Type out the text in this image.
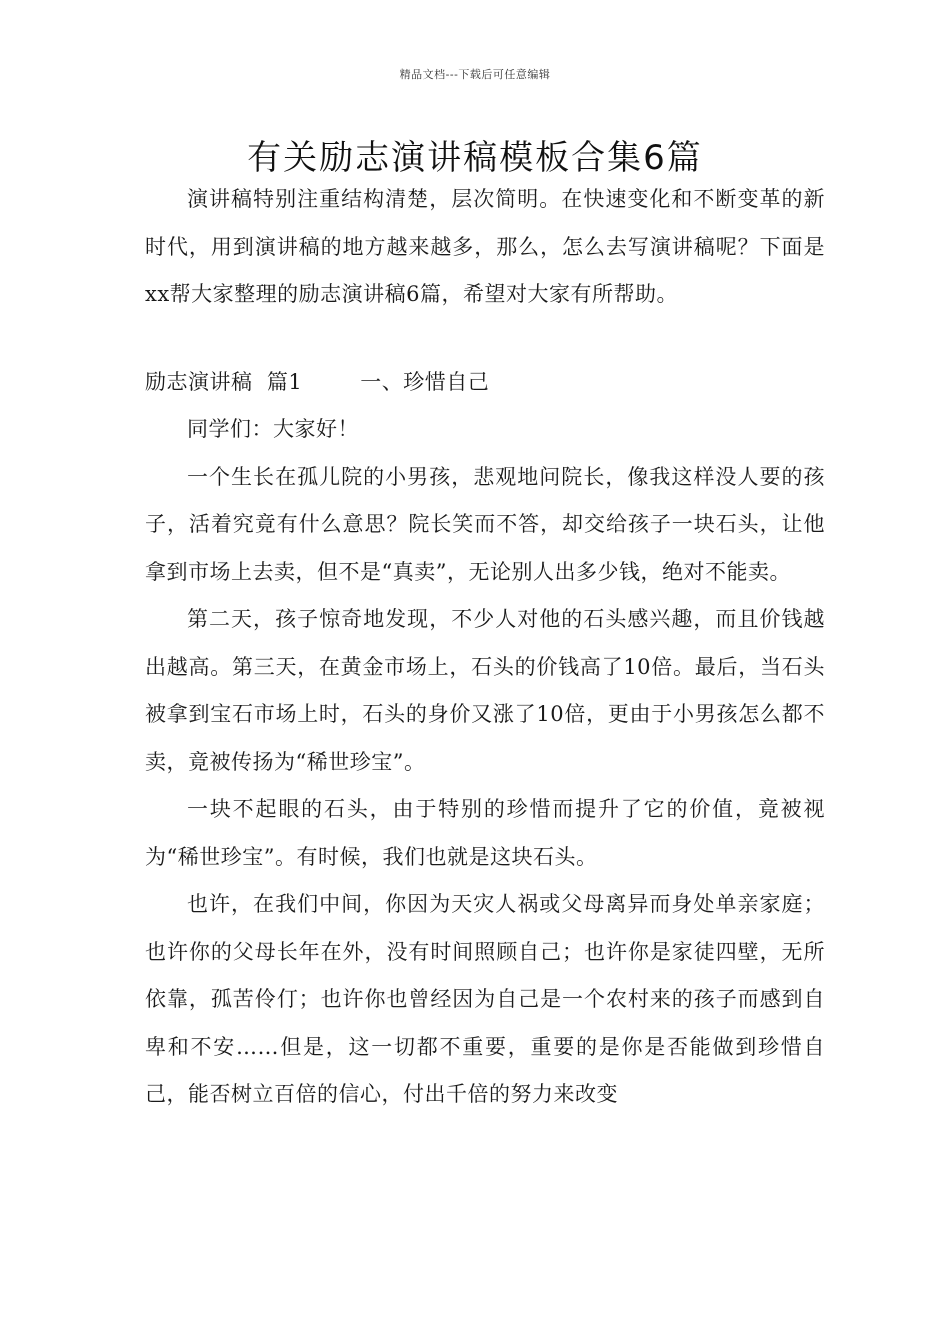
精品文档---下载后可任意编辑
有关励志演讲稿模板合集6篇

演讲稿特别注重结构清楚，层次简明。在快速变化和不断变革的新时代，用到演讲稿的地方越来越多，那么，怎么去写演讲稿呢？下面是xx帮大家整理的励志演讲稿6篇，希望对大家有所帮助。

励志演讲稿  篇1	一、珍惜自己

同学们：大家好！

一个生长在孤儿院的小男孩，悲观地问院长，像我这样没人要的孩子，活着究竟有什么意思？院长笑而不答，却交给孩子一块石头，让他拿到市场上去卖，但不是“真卖”，无论别人出多少钱，绝对不能卖。

第二天，孩子惊奇地发现，不少人对他的石头感兴趣，而且价钱越出越高。第三天，在黄金市场上，石头的价钱高了10倍。最后，当石头被拿到宝石市场上时，石头的身价又涨了10倍，更由于小男孩怎么都不卖，竟被传扬为“稀世珍宝”。

一块不起眼的石头，由于特别的珍惜而提升了它的价值，竟被视为“稀世珍宝”。有时候，我们也就是这块石头。

也许，在我们中间，你因为天灾人祸或父母离异而身处单亲家庭；也许你的父母长年在外，没有时间照顾自己；也许你是家徒四壁，无所依靠，孤苦伶仃；也许你也曾经因为自己是一个农村来的孩子而感到自卑和不安……但是，这一切都不重要，重要的是你是否能做到珍惜自己，能否树立百倍的信心，付出千倍的努力来改变
